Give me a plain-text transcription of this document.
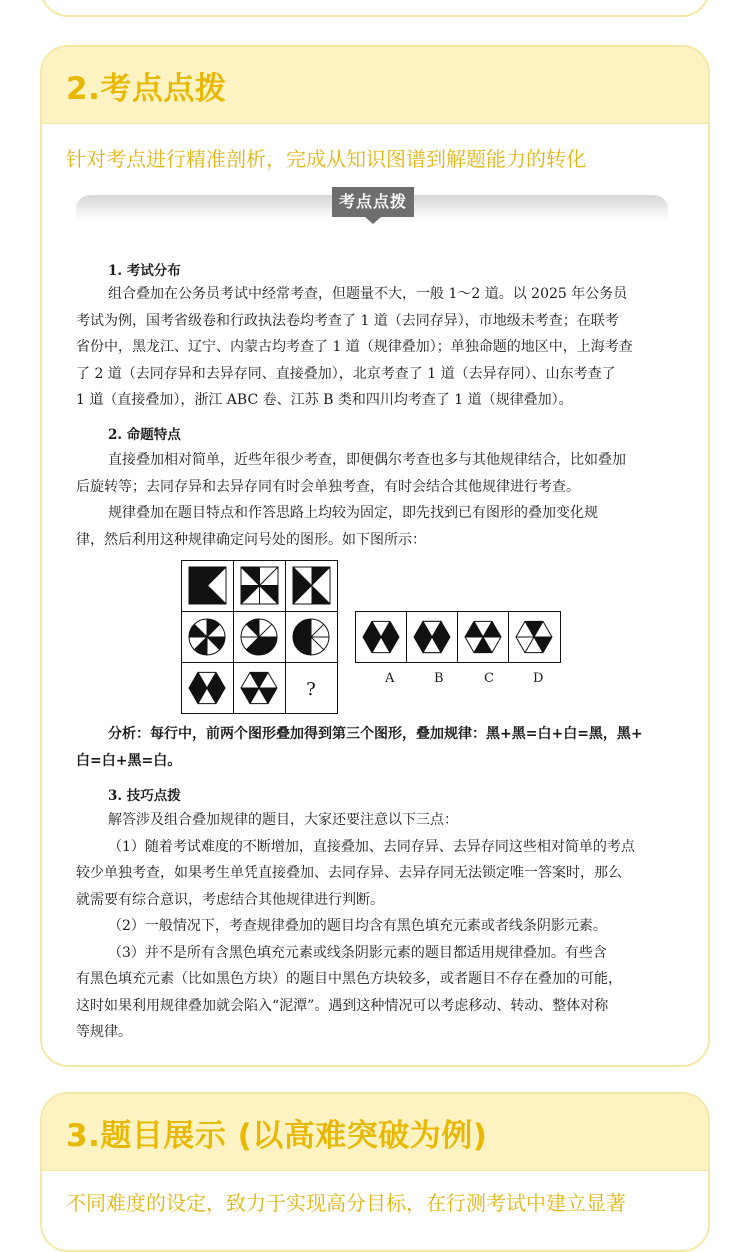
2.考点点拨
针对考点进行精准剖析，完成从知识图谱到解题能力的转化
考点点拨
1. 考试分布
组合叠加在公务员考试中经常考查，但题量不大，一般 1～2 道。以 2025 年公务员
考试为例，国考省级卷和行政执法卷均考查了 1 道（去同存异），市地级未考查；在联考
省份中，黑龙江、辽宁、内蒙古均考查了 1 道（规律叠加）；单独命题的地区中，上海考查
了 2 道（去同存异和去异存同、直接叠加），北京考查了 1 道（去异存同）、山东考查了
1 道（直接叠加），浙江 ABC 卷、江苏 B 类和四川均考查了 1 道（规律叠加）。
2. 命题特点
直接叠加相对简单，近些年很少考查，即便偶尔考查也多与其他规律结合，比如叠加
后旋转等；去同存异和去异存同有时会单独考查，有时会结合其他规律进行考查。
规律叠加在题目特点和作答思路上均较为固定，即先找到已有图形的叠加变化规
律，然后利用这种规律确定问号处的图形。如下图所示：
?
A	B	C	D
分析：每行中，前两个图形叠加得到第三个图形，叠加规律：黑+黑=白+白=黑，黑+
白=白+黑=白。
3. 技巧点拨
解答涉及组合叠加规律的题目，大家还要注意以下三点：
（1）随着考试难度的不断增加，直接叠加、去同存异、去异存同这些相对简单的考点
较少单独考查，如果考生单凭直接叠加、去同存异、去异存同无法锁定唯一答案时，那么
就需要有综合意识，考虑结合其他规律进行判断。
（2）一般情况下，考查规律叠加的题目均含有黑色填充元素或者线条阴影元素。
（3）并不是所有含黑色填充元素或线条阴影元素的题目都适用规律叠加。有些含
有黑色填充元素（比如黑色方块）的题目中黑色方块较多，或者题目不存在叠加的可能，
这时如果利用规律叠加就会陷入“泥潭”。遇到这种情况可以考虑移动、转动、整体对称
等规律。
3.题目展示 (以高难突破为例)
不同难度的设定，致力于实现高分目标，在行测考试中建立显著
